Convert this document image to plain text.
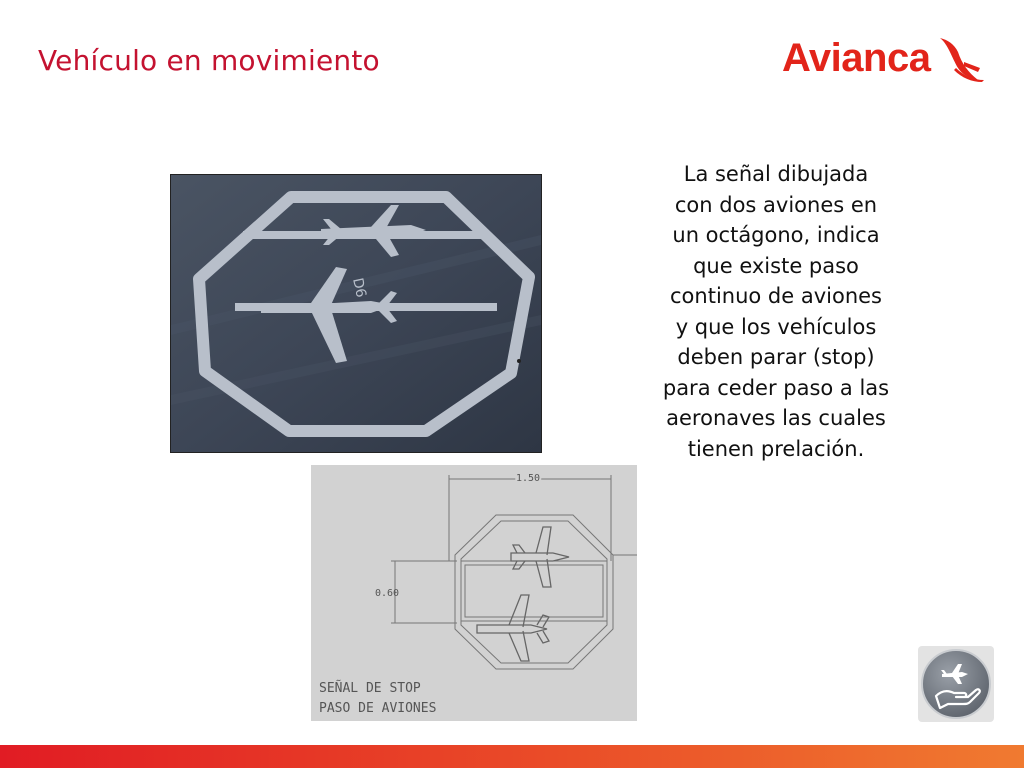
Vehículo en movimiento	Avianca
D6
1.50
0.60
SEÑAL DE STOP
PASO DE AVIONES
La señal dibujada
con dos aviones en
un octágono, indica
que existe paso
continuo de aviones
y que los vehículos
deben parar (stop)
para ceder paso a las
aeronaves las cuales
tienen prelación.
